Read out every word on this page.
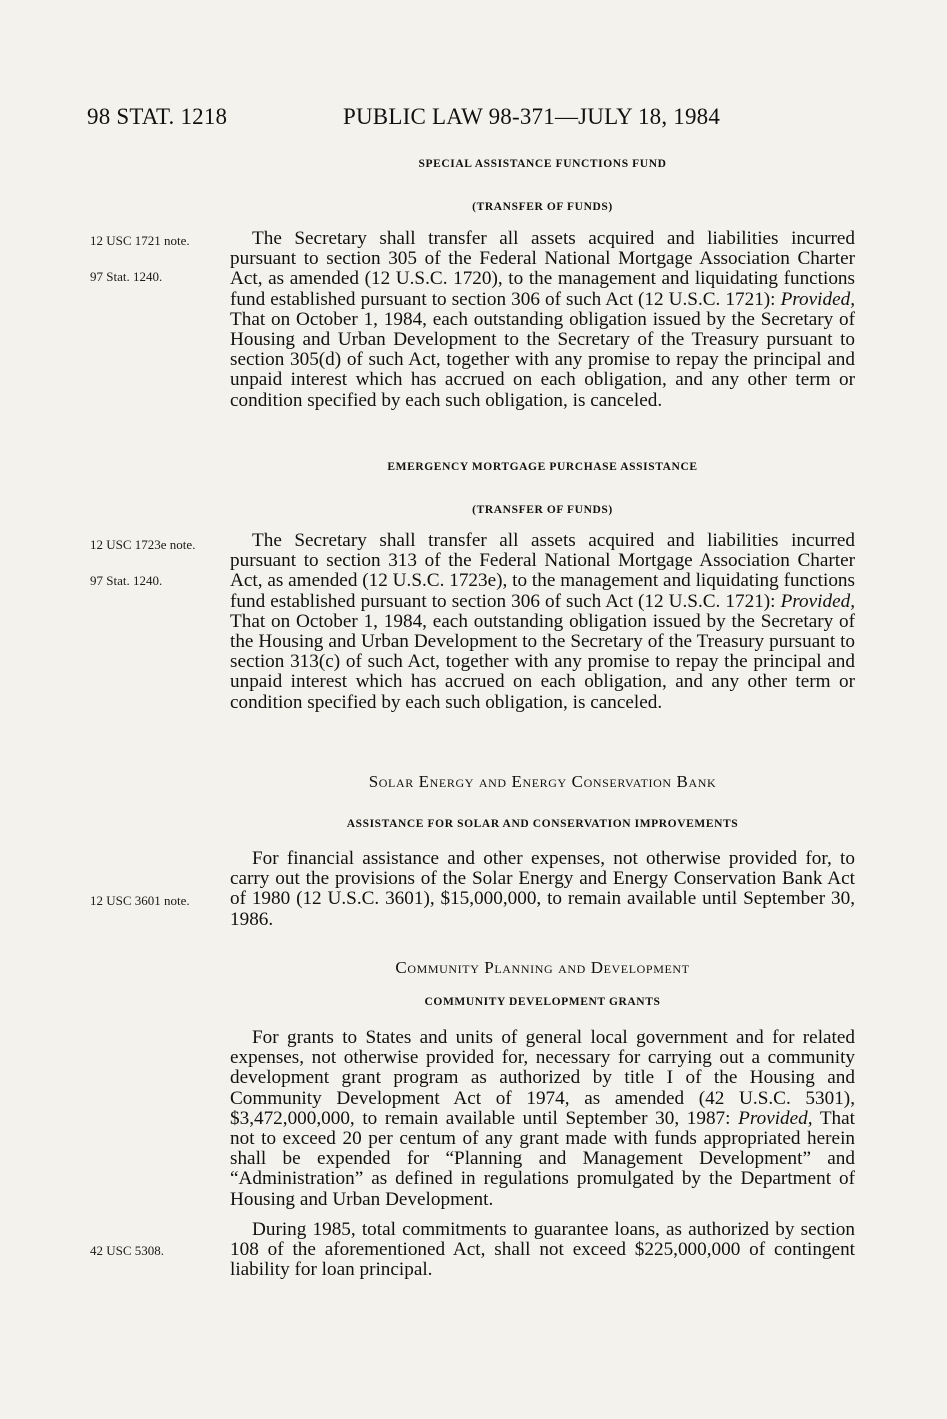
98 STAT. 1218	PUBLIC LAW 98-371—JULY 18, 1984
12 USC 1721 note.
97 Stat. 1240.
12 USC 1723e note.
97 Stat. 1240.
12 USC 3601 note.
42 USC 5308.
SPECIAL ASSISTANCE FUNCTIONS FUND
(TRANSFER OF FUNDS)

The Secretary shall transfer all assets acquired and liabilities incurred pursuant to section 305 of the Federal National Mortgage Association Charter Act, as amended (12 U.S.C. 1720), to the management and liquidating functions fund established pursuant to section 306 of such Act (12 U.S.C. 1721): Provided, That on October 1, 1984, each outstanding obligation issued by the Secretary of Housing and Urban Development to the Secretary of the Treasury pursuant to section 305(d) of such Act, together with any promise to repay the principal and unpaid interest which has accrued on each obligation, and any other term or condition specified by each such obligation, is canceled.

EMERGENCY MORTGAGE PURCHASE ASSISTANCE
(TRANSFER OF FUNDS)

The Secretary shall transfer all assets acquired and liabilities incurred pursuant to section 313 of the Federal National Mortgage Association Charter Act, as amended (12 U.S.C. 1723e), to the management and liquidating functions fund established pursuant to section 306 of such Act (12 U.S.C. 1721): Provided, That on October 1, 1984, each outstanding obligation issued by the Secretary of the Housing and Urban Development to the Secretary of the Treasury pursuant to section 313(c) of such Act, together with any promise to repay the principal and unpaid interest which has accrued on each obligation, and any other term or condition specified by each such obligation, is canceled.

Solar Energy and Energy Conservation Bank
ASSISTANCE FOR SOLAR AND CONSERVATION IMPROVEMENTS

For financial assistance and other expenses, not otherwise provided for, to carry out the provisions of the Solar Energy and Energy Conservation Bank Act of 1980 (12 U.S.C. 3601), $15,000,000, to remain available until September 30, 1986.

Community Planning and Development
COMMUNITY DEVELOPMENT GRANTS

For grants to States and units of general local government and for related expenses, not otherwise provided for, necessary for carrying out a community development grant program as authorized by title I of the Housing and Community Development Act of 1974, as amended (42 U.S.C. 5301), $3,472,000,000, to remain available until September 30, 1987: Provided, That not to exceed 20 per centum of any grant made with funds appropriated herein shall be expended for “Planning and Management Development” and “Administration” as defined in regulations promulgated by the Department of Housing and Urban Development.

During 1985, total commitments to guarantee loans, as authorized by section 108 of the aforementioned Act, shall not exceed $225,000,000 of contingent liability for loan principal.
